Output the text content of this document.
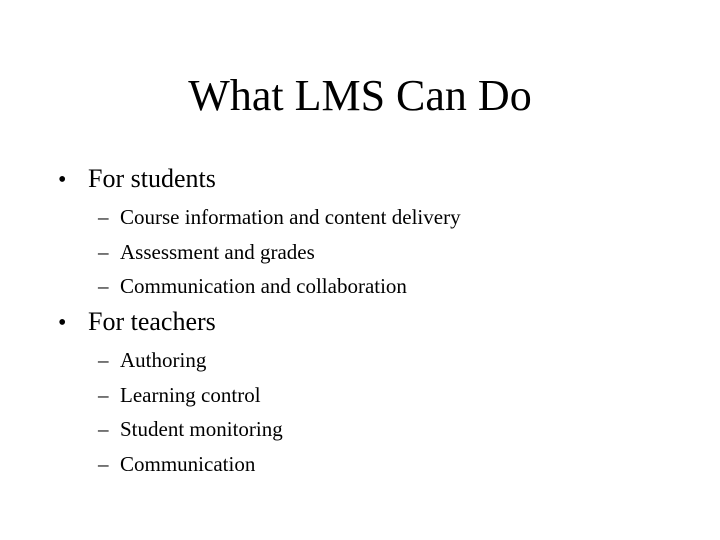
What LMS Can Do
• For students
– Course information and content delivery
– Assessment and grades
– Communication and collaboration
• For teachers
– Authoring
– Learning control
– Student monitoring
– Communication
